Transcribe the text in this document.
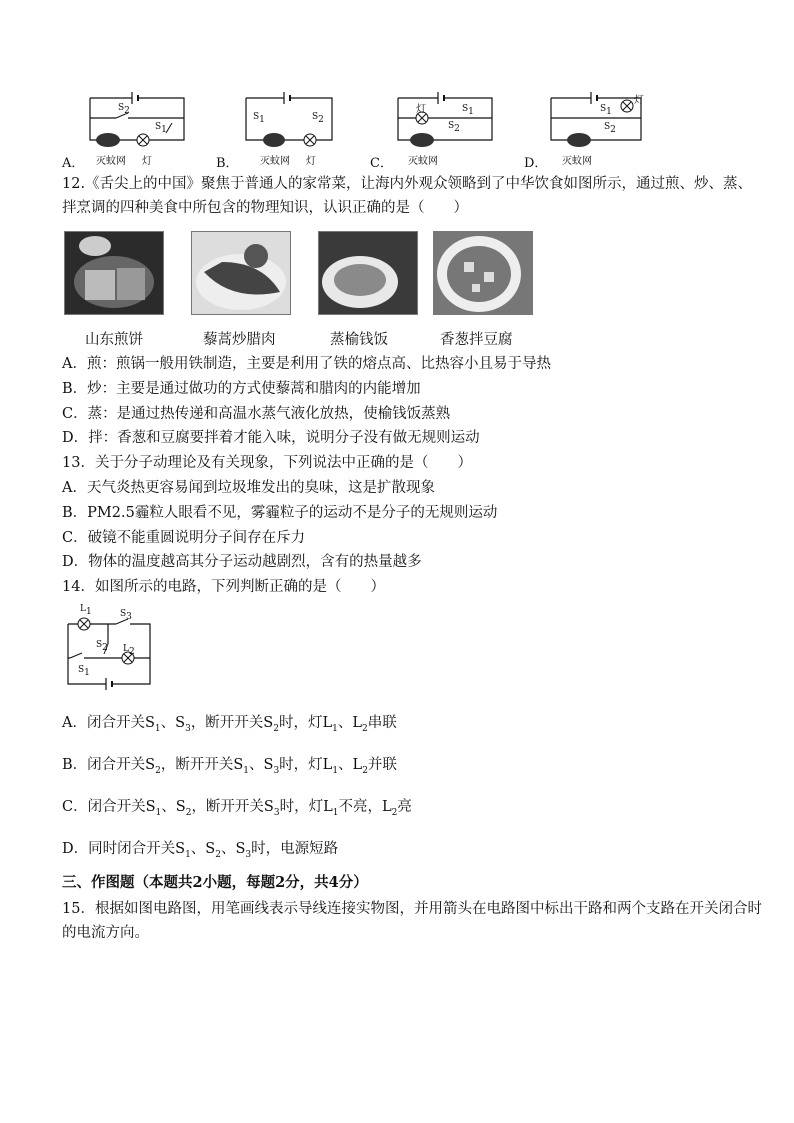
$S_2$
$S_1$
灭蚊网 灯
A．
$S_1$	$S_2$
灭蚊网 灯
B．
灯	$S_1$
$S_2$
灭蚊网
C．
$S_1$
灯
$S_2$
灭蚊网
D．
12.《舌尖上的中国》聚焦于普通人的家常菜，让海内外观众领略到了中华饮食如图所示，通过煎、炒、蒸、
拌烹调的四种美食中所包含的物理知识，认识正确的是（　　）
山东煎饼	藜蒿炒腊肉	蒸榆钱饭	香葱拌豆腐
A．煎：煎锅一般用铁制造，主要是利用了铁的熔点高、比热容小且易于导热
B．炒：主要是通过做功的方式使藜蒿和腊肉的内能增加
C．蒸：是通过热传递和高温水蒸气液化放热，使榆钱饭蒸熟
D．拌：香葱和豆腐要拌着才能入味，说明分子没有做无规则运动
13．关于分子动理论及有关现象，下列说法中正确的是（　　）
A．天气炎热更容易闻到垃圾堆发出的臭味，这是扩散现象
B．PM2.5霾粒人眼看不见，雾霾粒子的运动不是分子的无规则运动
C．破镜不能重圆说明分子间存在斥力
D．物体的温度越高其分子运动越剧烈，含有的热量越多
14．如图所示的电路，下列判断正确的是（　　）
$L_1$	$S_3$
$S_2$ $L_2$
$S_1$
A．闭合开关$S_1$、$S_3$，断开开关$S_2$时，灯$L_1$、$L_2$串联
B．闭合开关$S_2$，断开开关$S_1$、$S_3$时，灯$L_1$、$L_2$并联
C．闭合开关$S_1$、$S_2$，断开开关$S_3$时，灯$L_1$不亮，$L_2$亮
D．同时闭合开关$S_1$、$S_2$、$S_3$时，电源短路
三、作图题（本题共2小题，每题2分，共4分）
15．根据如图电路图，用笔画线表示导线连接实物图，并用箭头在电路图中标出干路和两个支路在开关闭合时
的电流方向。
